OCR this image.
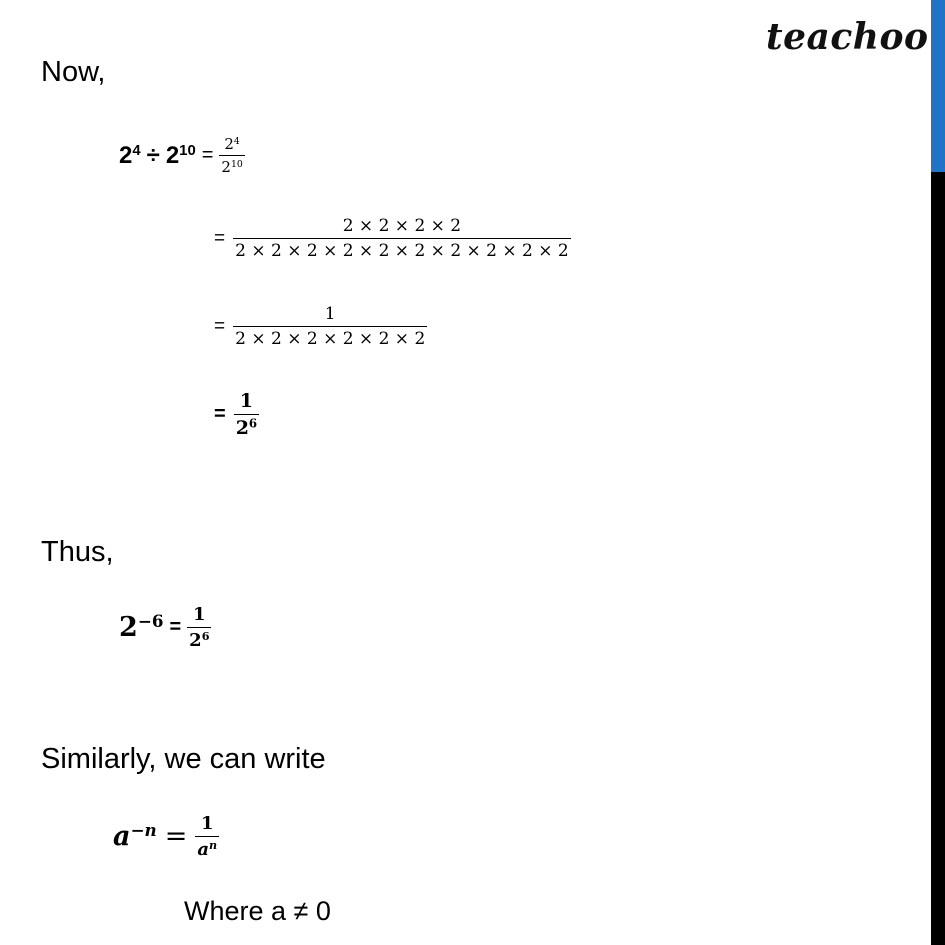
teachoo
Now,
$2^4 \div 2^{10} = \frac{2^4}{2^{10}}$
= $\frac{2 \times 2 \times 2 \times 2}{2 \times 2 \times 2 \times 2 \times 2 \times 2 \times 2 \times 2 \times 2 \times 2}$
= $\frac{1}{2 \times 2 \times 2 \times 2 \times 2 \times 2}$
= $\frac{1}{2^6}$
Thus,
$2^{-6} = \frac{1}{2^6}$
Similarly, we can write
$a^{-n} = \frac{1}{a^n}$
Where a ≠ 0
